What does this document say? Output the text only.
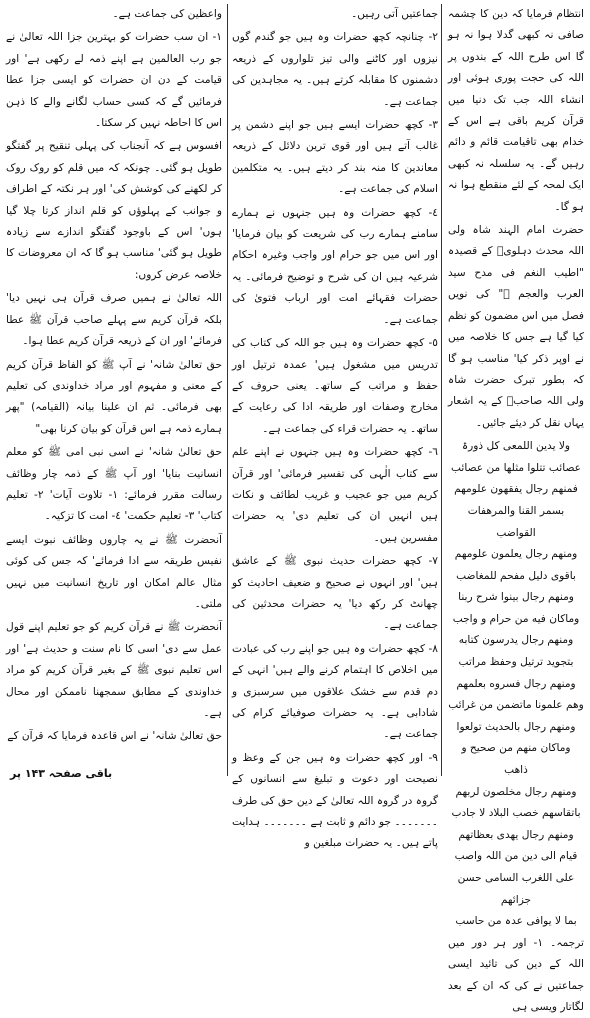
انتظام فرمایا کہ دین کا چشمہ صافی نہ کبھی گدلا ہوا نہ ہو گا اس طرح اللہ کے بندوں پر اللہ کی حجت پوری ہوئی اور انشاء اللہ جب تک دنیا میں قرآن کریم باقی ہے اس کے خدام بھی تاقیامت قائم و دائم رہیں گے۔ یہ سلسلہ نہ کبھی ایک لمحہ کے لئے منقطع ہوا نہ ہو گا۔

حضرت امام الہند شاہ ولی اللہ محدث دہلویؒ کے قصیدہ "اطیب النغم فی مدح سید العرب والعجم ﷺ" کی نویں فصل میں اس مضمون کو نظم کیا گیا ہے جس کا خلاصہ میں نے اوپر ذکر کیا' مناسب ہو گا کہ بطور تبرک حضرت شاہ ولی اللہ صاحبؒ کے یہ اشعار یہاں نقل کر دیئے جائیں۔

ولا یدین اللمعی کل ذورۃ

عصائب تتلوا مثلها من عصائب

فمنهم رجال یفقهون علومهم

بسمر القنا والمرهفات القواضب

ومنهم رجال یعلمون علومهم

باقوی دلیل مفحم للمغاضب

ومنهم رجال بینوا شرح ربنا

وماکان فیه من حرام و واجب

ومنهم رجال یدرسون کتابه

بتجوید ترتیل وحفظ مراتب

ومنهم رجال فسروه بعلمهم

وهم علمونا ماتضمن من غرائب

ومنهم رجال بالحدیث تولعوا

وماکان منهم من صحیح و ذاهب

ومنهم رجال مخلصون لربهم

باتقاسهم خصب البلاد لا جادب

ومنهم رجال یهدی بعظاتهم

قیام الی دین من اللہ واصب

علی اللغرب السامی حسن جزائهم

بما لا یوافی عدہ من حاسب

ترجمہ۔ ١- اور ہر دور میں اللہ کے دین کی تائید ایسی جماعتیں نے کی کہ ان کے بعد لگاتار ویسی ہی

جماعتیں آتی رہیں۔

٢- چنانچہ کچھ حضرات وہ ہیں جو گندم گوں نیزوں اور کاٹنے والی تیز تلواروں کے ذریعہ دشمنوں کا مقابلہ کرتے ہیں۔ یہ مجاہدین کی جماعت ہے۔

٣- کچھ حضرات ایسے ہیں جو اپنے دشمن پر غالب آتے ہیں اور قوی ترین دلائل کے ذریعہ معاندین کا منہ بند کر دیتے ہیں۔ یہ متکلمین اسلام کی جماعت ہے۔

٤- کچھ حضرات وہ ہیں جنہوں نے ہمارے سامنے ہمارے رب کی شریعت کو بیان فرمایا' اور اس میں جو حرام اور واجب وغیرہ احکام شرعیہ ہیں ان کی شرح و توضیح فرمائی۔ یہ حضرات فقہائے امت اور ارباب فتویٰ کی جماعت ہے۔

٥- کچھ حضرات وہ ہیں جو اللہ کی کتاب کی تدریس میں مشغول ہیں' عمدہ ترتیل اور حفظ و مراتب کے ساتھ۔ یعنی حروف کے مخارج وصفات اور طریقہ ادا کی رعایت کے ساتھ۔ یہ حضرات قراء کی جماعت ہے۔

٦- کچھ حضرات وہ ہیں جنہوں نے اپنے علم سے کتاب الٰہی کی تفسیر فرمائی' اور قرآن کریم میں جو عجیب و غریب لطائف و نکات ہیں انہیں ان کی تعلیم دی' یہ حضرات مفسرین ہیں۔

٧- کچھ حضرات حدیث نبوی ﷺ کے عاشق ہیں' اور انہوں نے صحیح و ضعیف احادیث کو چھانٹ کر رکھ دیا' یہ حضرات محدثین کی جماعت ہے۔

٨- کچھ حضرات وہ ہیں جو اپنے رب کی عبادت میں اخلاص کا اہتمام کرنے والے ہیں' انہی کے دم قدم سے خشک علاقوں میں سرسبزی و شادابی ہے۔ یہ حضرات صوفیائے کرام کی جماعت ہے۔

٩- اور کچھ حضرات وہ ہیں جن کے وعظ و نصیحت اور دعوت و تبلیغ سے انسانوں کے گروہ در گروہ اللہ تعالیٰ کے دین حق کی طرف ۔۔۔۔۔۔۔ جو دائم و ثابت ہے ۔۔۔۔۔۔۔ ہدایت پاتے ہیں۔ یہ حضرات مبلغین و

واعظین کی جماعت ہے۔

١- ان سب حضرات کو بہترین جزا اللہ تعالیٰ نے جو رب العالمین ہے اپنے ذمہ لے رکھی ہے' اور قیامت کے دن ان حضرات کو ایسی جزا عطا فرمائیں گے کہ کسی حساب لگانے والے کا ذہن اس کا احاطہ نہیں کر سکتا۔

افسوس ہے کہ آنجناب کی پہلی تنقیح پر گفتگو طویل ہو گئی۔ چونکہ کہ میں قلم کو روک روک کر لکھنے کی کوشش کی' اور ہر نکتہ کے اطراف و جوانب کے پہلوؤں کو قلم انداز کرتا چلا گیا ہوں' اس کے باوجود گفتگو اندازے سے زیادہ طویل ہو گئی' مناسب ہو گا کہ ان معروضات کا خلاصہ عرض کروں:

اللہ تعالیٰ نے ہمیں صرف قرآن ہی نہیں دیا' بلکہ قرآن کریم سے پہلے صاحب قرآن ﷺ عطا فرمائے' اور ان کے ذریعہ قرآن کریم عطا ہوا۔

حق تعالیٰ شانہ' نے آپ ﷺ کو الفاظ قرآن کریم کے معنی و مفہوم اور مراد خداوندی کی تعلیم بھی فرمائی۔ ثم ان علینا بیانہ (القیامہ) "پھر ہمارے ذمہ ہے اس قرآن کو بیان کرنا بھی"

حق تعالیٰ شانہ' نے اسی نبی امی ﷺ کو معلم انسانیت بنایا' اور آپ ﷺ کے ذمہ چار وظائف رسالت مقرر فرمائے: ١- تلاوت آیات' ٢- تعلیم کتاب' ٣- تعلیم حکمت' ٤- امت کا تزکیہ۔

آنحضرت ﷺ نے یہ چاروں وظائف نبوت ایسے نفیس طریقہ سے ادا فرمائے' کہ جس کی کوئی مثال عالم امکان اور تاریخ انسانیت میں نہیں ملتی۔

آنحضرت ﷺ نے قرآن کریم کو جو تعلیم اپنے قول عمل سے دی' اسی کا نام سنت و حدیث ہے' اور اس تعلیم نبوی ﷺ کے بغیر قرآن کریم کو مراد خداوندی کے مطابق سمجھنا ناممکن اور محال ہے۔

حق تعالیٰ شانہ' نے اس قاعدہ فرمایا کہ قرآن کے

باقی صفحہ ١۴٣ پر
